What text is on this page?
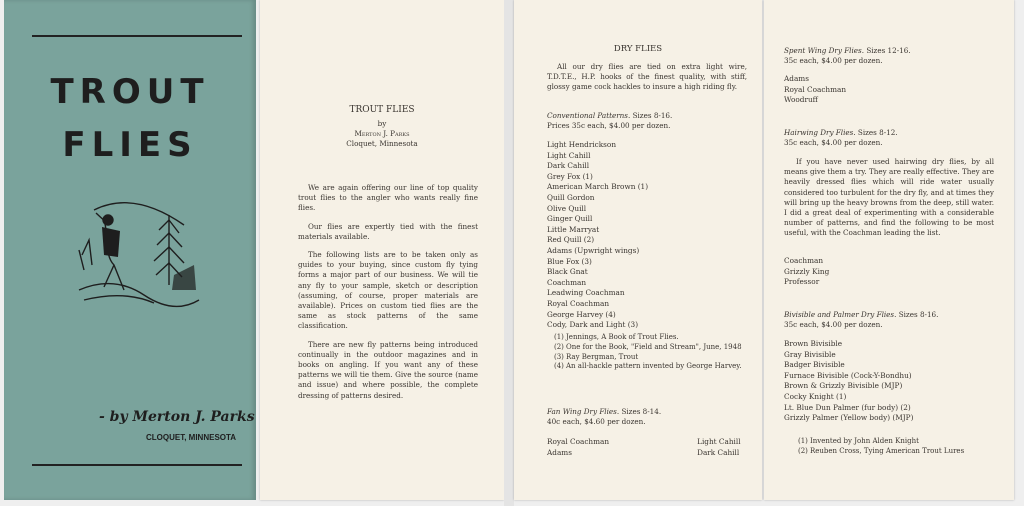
TROUT
FLIES
- by Merton J. Parks
CLOQUET, MINNESOTA
TROUT FLIES
by
Merton J. Parks
Cloquet, Minnesota

We are again offering our line of top quality trout flies to the angler who wants really fine flies.

Our flies are expertly tied with the finest materials available.

The following lists are to be taken only as guides to your buying, since custom fly tying forms a major part of our business. We will tie any fly to your sample, sketch or description (assuming, of course, proper materials are available). Prices on custom tied flies are the same as stock patterns of the same classification.

There are new fly patterns being introduced continually in the outdoor magazines and in books on angling. If you want any of these patterns we will tie them. Give the source (name and issue) and where possible, the complete dressing of patterns desired.

DRY FLIES
All our dry flies are tied on extra light wire, T.D.T.E., H.P. hooks of the finest quality, with stiff, glossy game cock hackles to insure a high riding fly.
Conventional Patterns. Sizes 8-16.
Prices 35c each, $4.00 per dozen.
Light Hendrickson
Light Cahill
Dark Cahill
Grey Fox (1)
American March Brown (1)
Quill Gordon
Olive Quill
Ginger Quill
Little Marryat
Red Quill (2)
Adams (Upwright wings)
Blue Fox (3)
Black Gnat
Coachman
Leadwing Coachman
Royal Coachman
George Harvey (4)
Cody, Dark and Light (3)
(1) Jennings, A Book of Trout Flies.
(2) One for the Book, "Field and Stream", June, 1948
(3) Ray Bergman, Trout
(4) An all-hackle pattern invented by George Harvey.
Fan Wing Dry Flies. Sizes 8-14.
40c each, $4.60 per dozen.
Royal Coachman
Adams
Light Cahill
Dark Cahill
Spent Wing Dry Flies. Sizes 12-16.
35c each, $4.00 per dozen.
Adams
Royal Coachman
Woodruff
Hairwing Dry Flies. Sizes 8-12.
35c each, $4.00 per dozen.
If you have never used hairwing dry flies, by all means give them a try. They are really effective. They are heavily dressed flies which will ride water usually considered too turbulent for the dry fly, and at times they will bring up the heavy browns from the deep, still water. I did a great deal of experimenting with a considerable number of patterns, and find the following to be most useful, with the Coachman leading the list.
Coachman
Grizzly King
Professor
Bivisible and Palmer Dry Flies. Sizes 8-16.
35c each, $4.00 per dozen.
Brown Bivisible
Gray Bivisible
Badger Bivisible
Furnace Bivisible (Cock-Y-Bondhu)
Brown & Grizzly Bivisible (MJP)
Cocky Knight (1)
Lt. Blue Dun Palmer (fur body) (2)
Grizzly Palmer (Yellow body) (MJP)
(1) Invented by John Alden Knight
(2) Reuben Cross, Tying American Trout Lures
